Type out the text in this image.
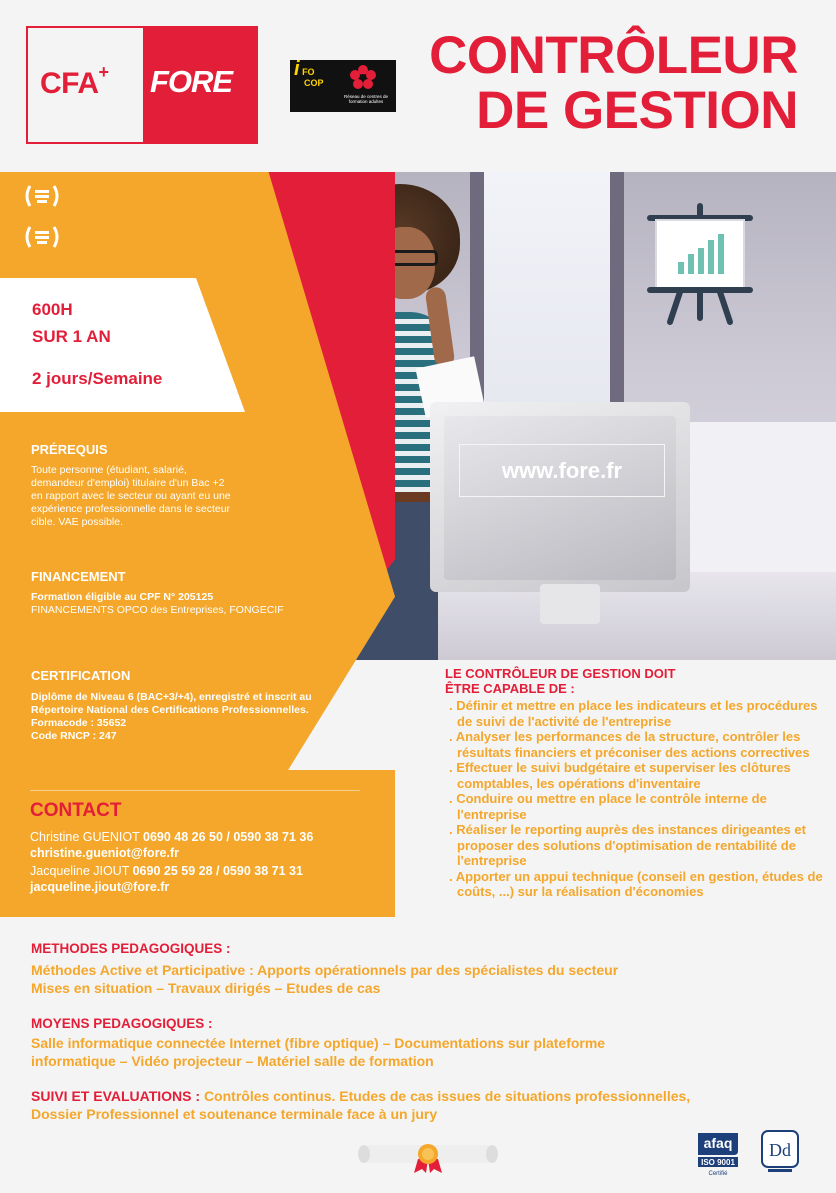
CFA+ FORE	i FO
COP
Réseau de centres de formation adultes
CONTRÔLEUR
DE GESTION
www.fore.fr

600H
SUR 1 AN
2 jours/Semaine
PRÉREQUIS
Toute personne (étudiant, salarié, demandeur d'emploi) titulaire d'un Bac +2 en rapport avec le secteur ou ayant eu une expérience professionnelle dans le secteur cible. VAE possible.
FINANCEMENT
Formation éligible au CPF N° 205125
FINANCEMENTS OPCO des Entreprises, FONGECIF
CERTIFICATION
Diplôme de Niveau 6 (BAC+3/+4), enregistré et inscrit au Répertoire National des Certifications Professionnelles. Formacode : 35652
Code RNCP : 247
CONTACT
Christine GUENIOT 0690 48 26 50 / 0590 38 71 36
christine.gueniot@fore.fr
Jacqueline JIOUT 0690 25 59 28 / 0590 38 71 31
jacqueline.jiout@fore.fr
LE CONTRÔLEUR DE GESTION DOIT
ÊTRE CAPABLE DE :
. Définir et mettre en place les indicateurs et les procédures de suivi de l'activité de l'entreprise
. Analyser les performances de la structure, contrôler les résultats financiers et préconiser des actions correctives
. Effectuer le suivi budgétaire et superviser les clôtures comptables, les opérations d'inventaire
. Conduire ou mettre en place le contrôle interne de l'entreprise
. Réaliser le reporting auprès des instances dirigeantes et proposer des solutions d'optimisation de rentabilité de l'entreprise
. Apporter un appui technique (conseil en gestion, études de coûts, ...) sur la réalisation d'économies
METHODES PEDAGOGIQUES :
Méthodes Active et Participative : Apports opérationnels par des spécialistes du secteur
Mises en situation – Travaux dirigés – Etudes de cas
MOYENS PEDAGOGIQUES :
Salle informatique connectée Internet (fibre optique) – Documentations sur plateforme
informatique – Vidéo projecteur – Matériel salle de formation
SUIVI ET EVALUATIONS : Contrôles continus. Etudes de cas issues de situations professionnelles,
Dossier Professionnel et soutenance terminale face à un jury
afaq
ISO 9001
Certifié
Dd
